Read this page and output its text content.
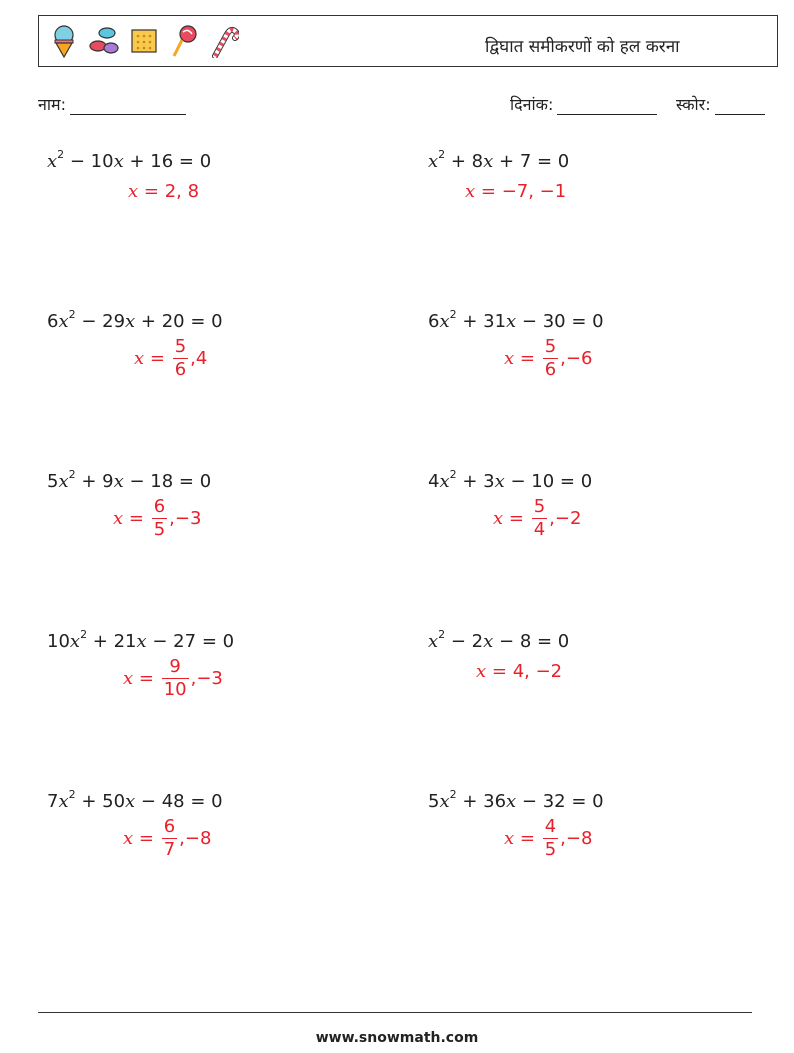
द्विघात समीकरणों को हल करना
नाम:	दिनांक:	स्कोर:
$x^2 - 10x + 16 = 0$
x =
2, 8
$x^2 + 8x + 7 = 0$
x =
−7, −1
$6x^2 - 29x + 20 = 0$
x =
$\frac{5}{6} ,4$
$6x^2 + 31x - 30 = 0$
x =
$\frac{5}{6} ,-6$
$5x^2 + 9x - 18 = 0$
x =
$\frac{6}{5} ,-3$
$4x^2 + 3x - 10 = 0$
x =
$\frac{5}{4} ,-2$
$10x^2 + 21x - 27 = 0$
x =
$\frac{9}{10} ,-3$
$x^2 - 2x - 8 = 0$
x =
4, −2
$7x^2 + 50x - 48 = 0$
x =
$\frac{6}{7} ,-8$
$5x^2 + 36x - 32 = 0$
x =
$\frac{4}{5} ,-8$
www.snowmath.com
